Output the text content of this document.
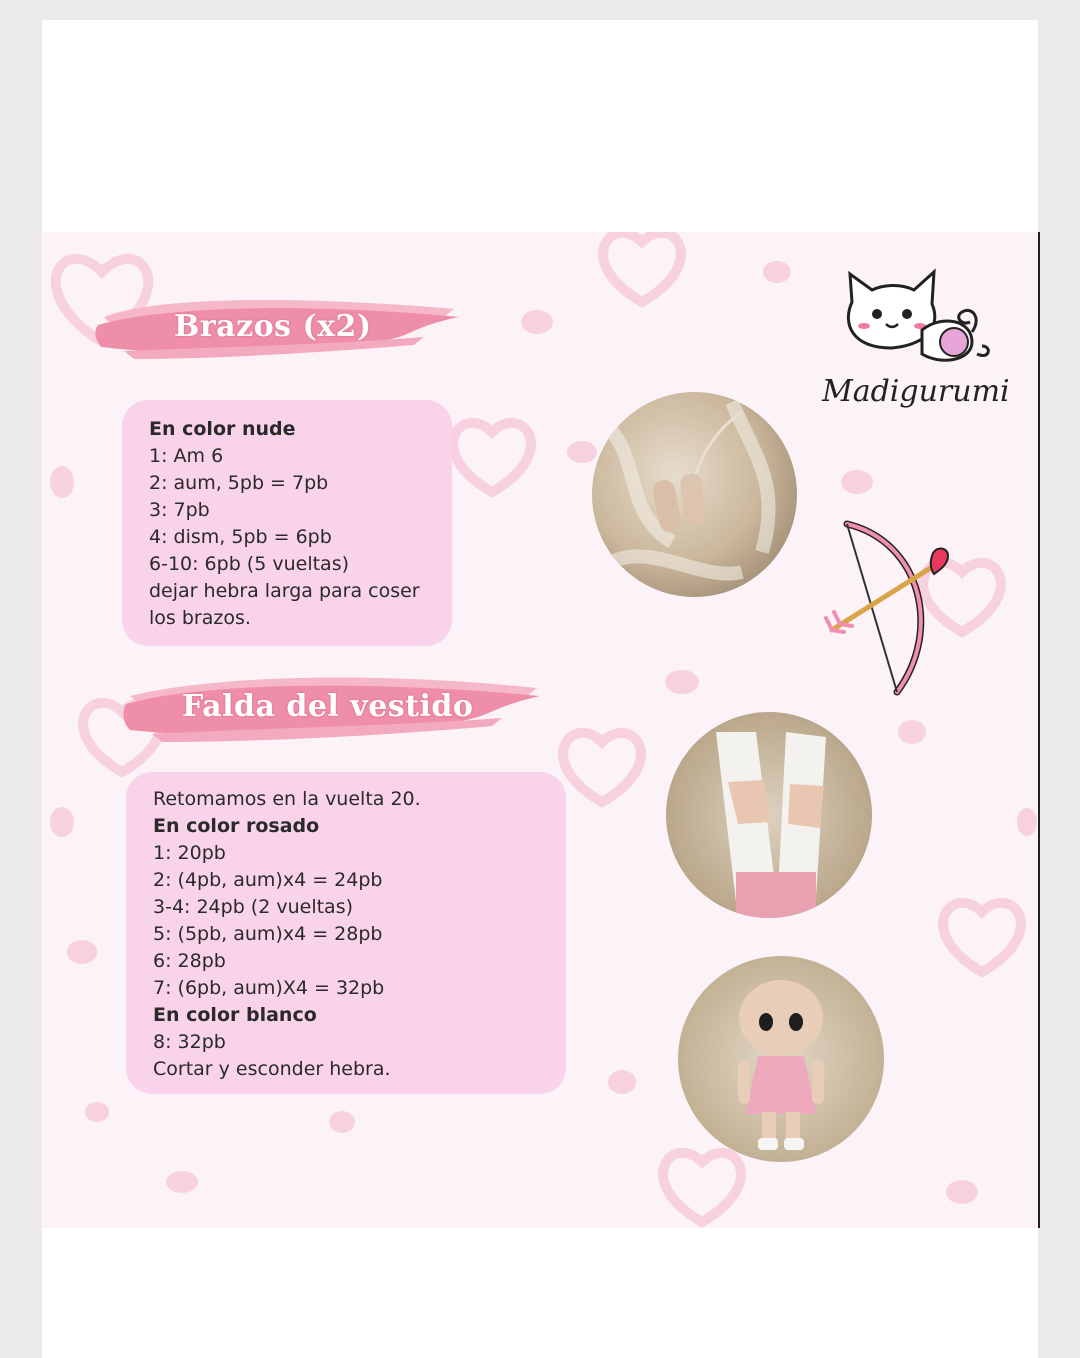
Brazos (x2)
En color nude
1: Am 6
2: aum, 5pb = 7pb
3: 7pb
4: dism, 5pb = 6pb
6-10: 6pb (5 vueltas)
dejar hebra larga para coser
los brazos.
Falda del vestido
Retomamos en la vuelta 20.
En color rosado
1: 20pb
2: (4pb, aum)x4 = 24pb
3-4: 24pb (2 vueltas)
5: (5pb, aum)x4 = 28pb
6: 28pb
7: (6pb, aum)X4 = 32pb
En color blanco
8: 32pb
Cortar y esconder hebra.
Madigurumi
